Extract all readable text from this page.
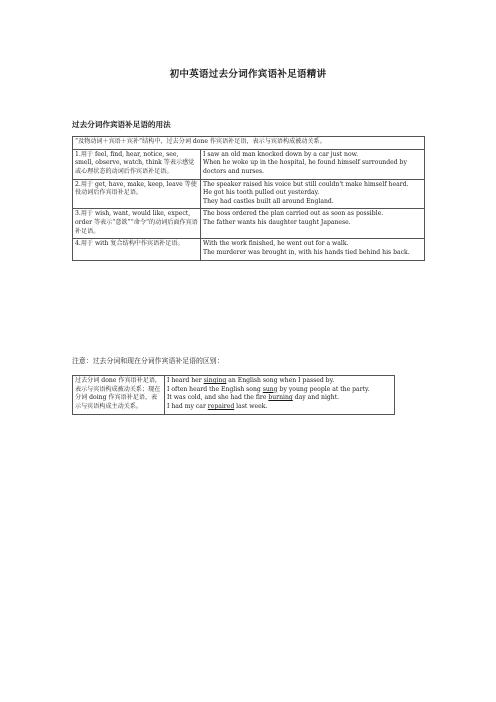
初中英语过去分词作宾语补足语精讲
过去分词作宾语补足语的用法
“及物动词＋宾语＋宾补”结构中，过去分词 done 作宾语补足语，表示与宾语构成被动关系。	
1.用于 feel, find, hear, notice, see, smell, observe, watch, think 等表示感觉或心理状态的动词后作宾语补足语。	I saw an old man knocked down by a car just now.
When he woke up in the hospital, he found himself surrounded by doctors and nurses.

2.用于 get, have, make, keep, leave 等使役动词后作宾语补足语。	The speaker raised his voice but still couldn't make himself heard.
He got his tooth pulled out yesterday.
They had castles built all around England.

3.用于 wish, want, would like, expect, order 等表示“意欲”“命令”的动词后面作宾语补足语。	The boss ordered the plan carried out as soon as possible.
The father wants his daughter taught Japanese.

4.用于 with 复合结构中作宾语补足语。	With the work finished, he went out for a walk.
The murderer was brought in, with his hands tied behind his back.
注意：过去分词和现在分词作宾语补足语的区别：
过去分词 done 作宾语补足语，表示与宾语构成被动关系；现在分词 doing 作宾语补足语，表示与宾语构成主动关系。	
I heard her singing an English song when I passed by.
I often heard the English song sung by young people at the party.
It was cold, and she had the fire burning day and night.
I had my car repaired last week.
